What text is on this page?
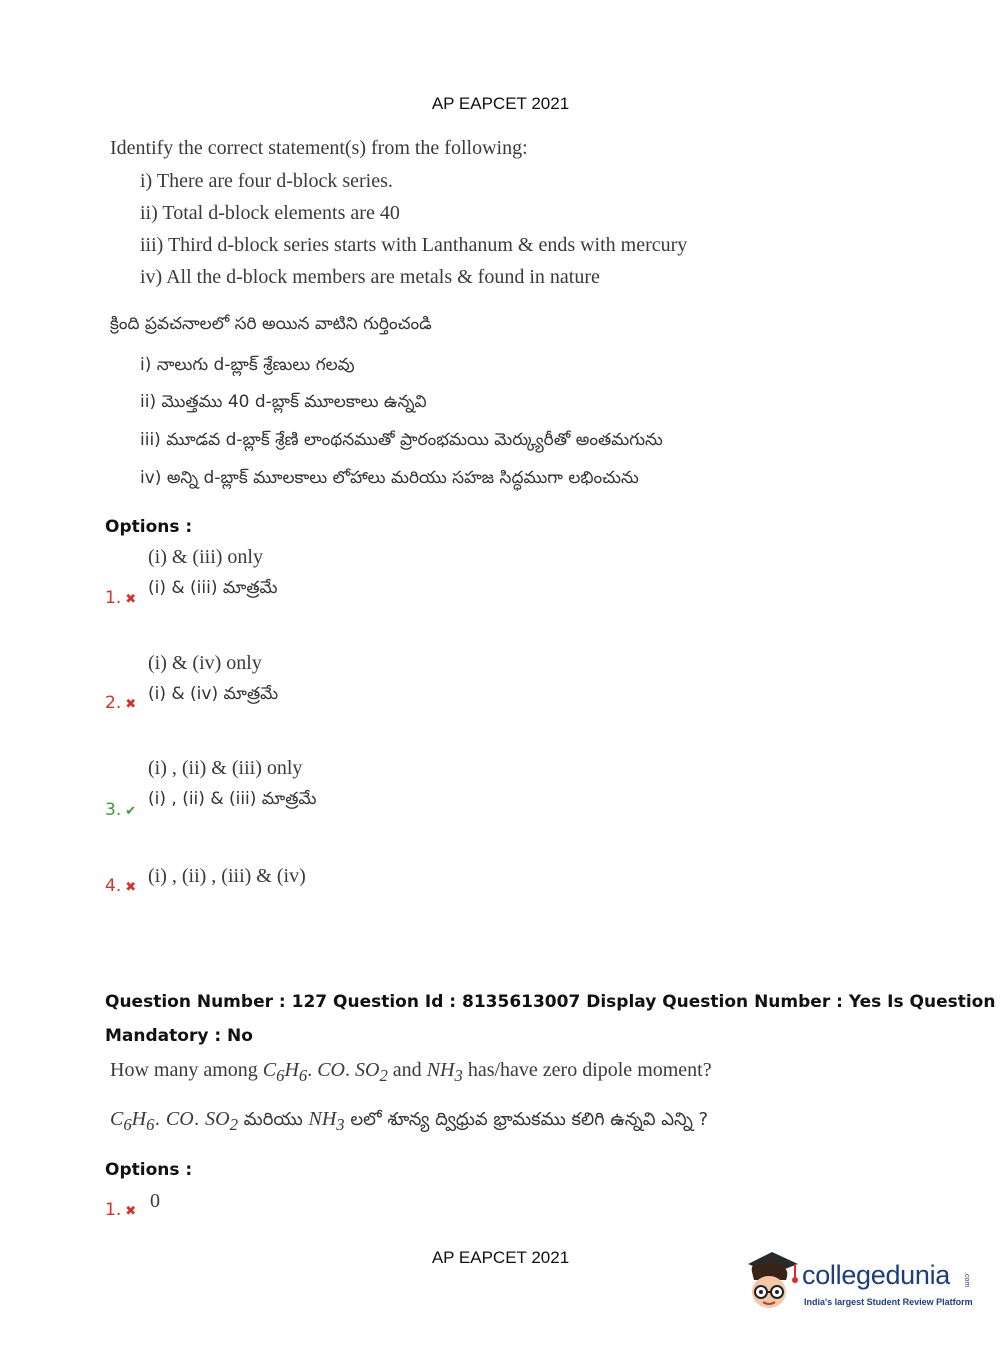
AP EAPCET 2021
Identify the correct statement(s) from the following:
i) There are four d-block series.
ii) Total d-block elements are 40
iii) Third d-block series starts with Lanthanum & ends with mercury
iv) All the d-block members are metals & found in nature
క్రింది ప్రవచనాలలో సరి అయిన వాటిని గుర్తించండి
i) నాలుగు d-బ్లాక్ శ్రేణులు గలవు
ii) మొత్తము 40 d-బ్లాక్ మూలకాలు ఉన్నవి
iii) మూడవ d-బ్లాక్ శ్రేణి లాంథనముతో ప్రారంభమయి మెర్క్యురీతో అంతమగును
iv) అన్ని d-బ్లాక్ మూలకాలు లోహాలు మరియు సహజ సిద్ధముగా లభించును
Options :
(i) & (iii) only
(i) & (iii) మాత్రమే
1. ✖
(i) & (iv) only
(i) & (iv) మాత్రమే
2. ✖
(i) , (ii) & (iii) only
(i) , (ii) & (iii) మాత్రమే
3. ✔
(i) , (ii) , (iii) & (iv)
4. ✖
Question Number : 127 Question Id : 8135613007 Display Question Number : Yes Is Question
Mandatory : No
How many among $C_6H_6$. CO. $SO_2$ and $NH_3$ has/have zero dipole moment?
$C_6H_6$. CO. $SO_2$ మరియు $NH_3$ లలో శూన్య ద్విధ్రువ భ్రామకము కలిగి ఉన్నవి ఎన్ని ?
Options :
0
1. ✖
AP EAPCET 2021
collegedunia .com
India's largest Student Review Platform
